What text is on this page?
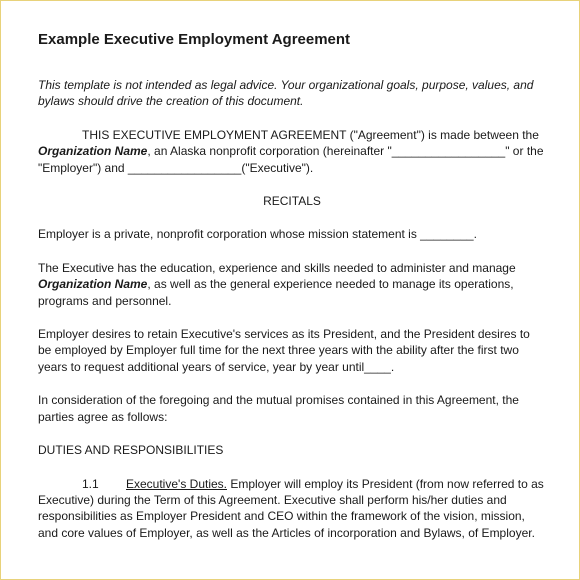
Example Executive Employment Agreement

This template is not intended as legal advice. Your organizational goals, purpose, values, and bylaws should drive the creation of this document.

THIS EXECUTIVE EMPLOYMENT AGREEMENT ("Agreement") is made between the Organization Name, an Alaska nonprofit corporation (hereinafter "_________________" or the "Employer") and _________________("Executive").

RECITALS

Employer is a private, nonprofit corporation whose mission statement is ________.

The Executive has the education, experience and skills needed to administer and manage Organization Name, as well as the general experience needed to manage its operations, programs and personnel.

Employer desires to retain Executive's services as its President, and the President desires to be employed by Employer full time for the next three years with the ability after the first two years to request additional years of service, year by year until____.

In consideration of the foregoing and the mutual promises contained in this Agreement, the parties agree as follows:

DUTIES AND RESPONSIBILITIES

1.1 Executive's Duties. Employer will employ its President (from now referred to as Executive) during the Term of this Agreement. Executive shall perform his/her duties and responsibilities as Employer President and CEO within the framework of the vision, mission, and core values of Employer, as well as the Articles of incorporation and Bylaws, of Employer.
